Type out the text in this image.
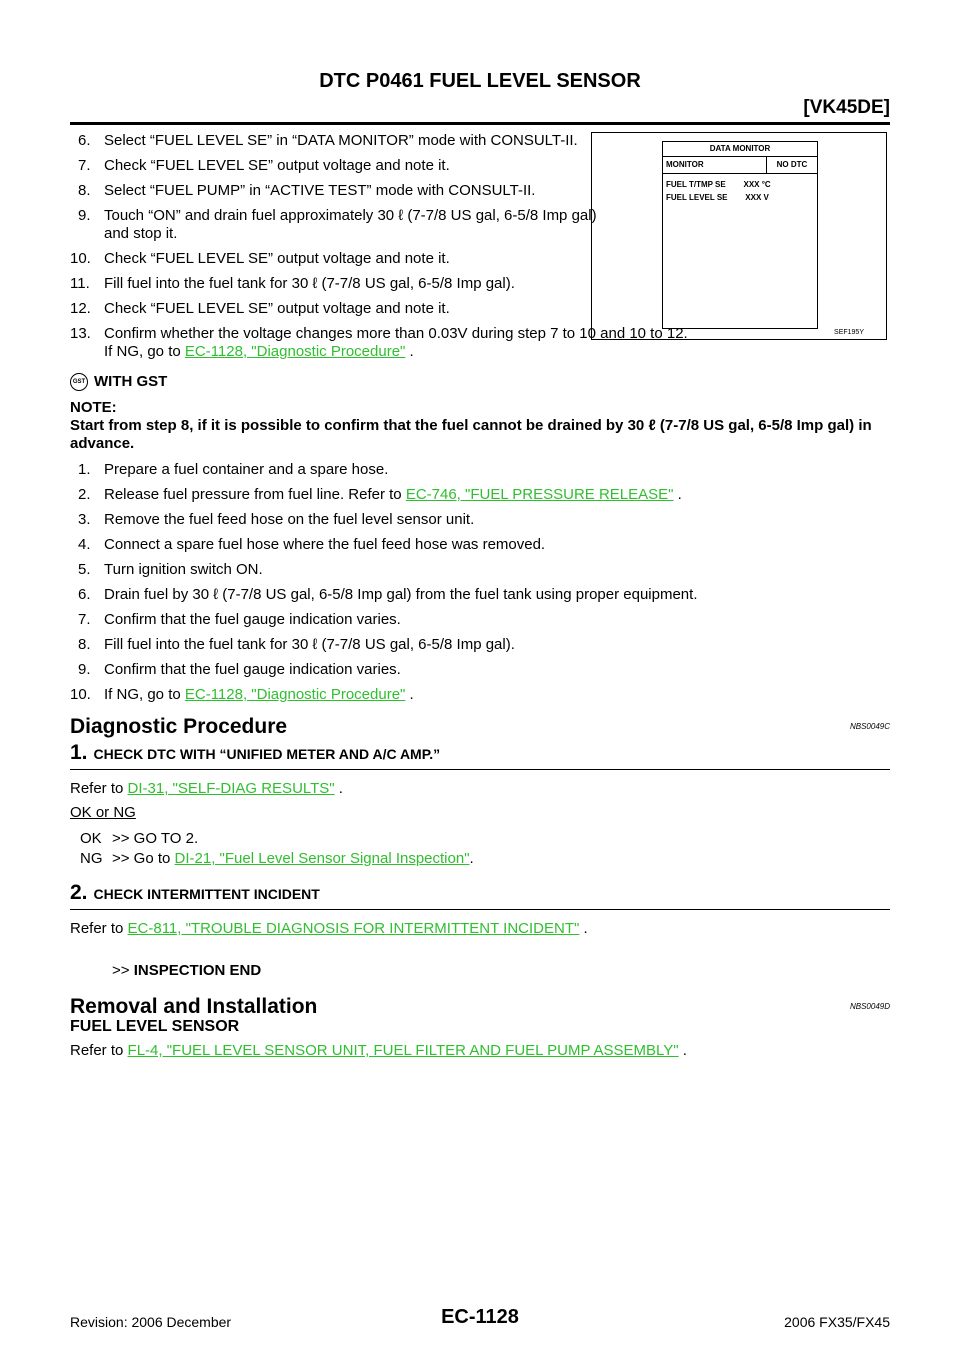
DTC P0461 FUEL LEVEL SENSOR
[VK45DE]
DATA MONITOR
MONITOR	NO DTC
FUEL T/TMP SE        XXX °C
FUEL LEVEL SE        XXX V
SEF195Y
6. Select “FUEL LEVEL SE” in “DATA MONITOR” mode with CONSULT-II.
7. Check “FUEL LEVEL SE” output voltage and note it.
8. Select “FUEL PUMP” in “ACTIVE TEST” mode with CONSULT-II.
9. Touch “ON” and drain fuel approximately 30 ℓ (7-7/8 US gal, 6-5/8 Imp gal) and stop it.
10. Check “FUEL LEVEL SE” output voltage and note it.
11. Fill fuel into the fuel tank for 30 ℓ (7-7/8 US gal, 6-5/8 Imp gal).
12. Check “FUEL LEVEL SE” output voltage and note it.
13. Confirm whether the voltage changes more than 0.03V during step 7 to 10 and 10 to 12.
If NG, go to EC-1128, "Diagnostic Procedure" .
GST WITH GST
NOTE:
Start from step 8, if it is possible to confirm that the fuel cannot be drained by 30 ℓ (7-7/8 US gal, 6-5/8 Imp gal) in advance.
1. Prepare a fuel container and a spare hose.
2. Release fuel pressure from fuel line. Refer to EC-746, "FUEL PRESSURE RELEASE" .
3. Remove the fuel feed hose on the fuel level sensor unit.
4. Connect a spare fuel hose where the fuel feed hose was removed.
5. Turn ignition switch ON.
6. Drain fuel by 30 ℓ (7-7/8 US gal, 6-5/8 Imp gal) from the fuel tank using proper equipment.
7. Confirm that the fuel gauge indication varies.
8. Fill fuel into the fuel tank for 30 ℓ (7-7/8 US gal, 6-5/8 Imp gal).
9. Confirm that the fuel gauge indication varies.
10. If NG, go to EC-1128, "Diagnostic Procedure" .
Diagnostic Procedure	NBS0049C
1. CHECK DTC WITH “UNIFIED METER AND A/C AMP.”
Refer to DI-31, "SELF-DIAG RESULTS" .
OK or NG
OK >> GO TO 2.
NG >> Go to
DI-21, "Fuel Level Sensor Signal Inspection" .
2. CHECK INTERMITTENT INCIDENT
Refer to EC-811, "TROUBLE DIAGNOSIS FOR INTERMITTENT INCIDENT" .
>>
INSPECTION END
Removal and Installation	NBS0049D
FUEL LEVEL SENSOR
Refer to FL-4, "FUEL LEVEL SENSOR UNIT, FUEL FILTER AND FUEL PUMP ASSEMBLY" .
Revision: 2006 December	EC-1128	2006 FX35/FX45
